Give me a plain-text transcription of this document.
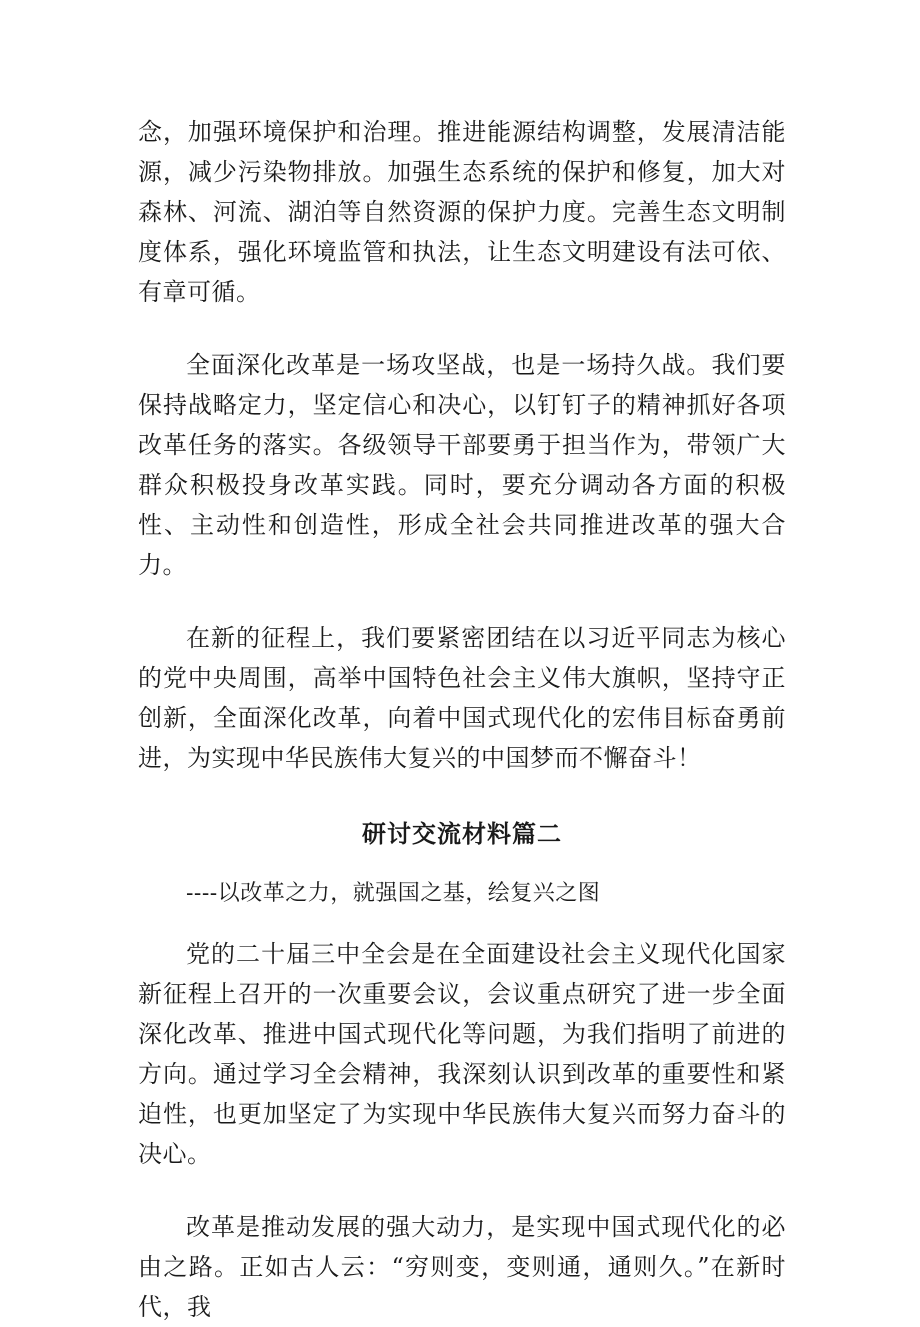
念，加强环境保护和治理。推进能源结构调整，发展清洁能源，减少污染物排放。加强生态系统的保护和修复，加大对森林、河流、湖泊等自然资源的保护力度。完善生态文明制度体系，强化环境监管和执法，让生态文明建设有法可依、有章可循。

全面深化改革是一场攻坚战，也是一场持久战。我们要保持战略定力，坚定信心和决心，以钉钉子的精神抓好各项改革任务的落实。各级领导干部要勇于担当作为，带领广大群众积极投身改革实践。同时，要充分调动各方面的积极性、主动性和创造性，形成全社会共同推进改革的强大合力。

在新的征程上，我们要紧密团结在以习近平同志为核心的党中央周围，高举中国特色社会主义伟大旗帜，坚持守正创新，全面深化改革，向着中国式现代化的宏伟目标奋勇前进，为实现中华民族伟大复兴的中国梦而不懈奋斗！

研讨交流材料篇二

----以改革之力，就强国之基，绘复兴之图

党的二十届三中全会是在全面建设社会主义现代化国家新征程上召开的一次重要会议，会议重点研究了进一步全面深化改革、推进中国式现代化等问题，为我们指明了前进的方向。通过学习全会精神，我深刻认识到改革的重要性和紧迫性，也更加坚定了为实现中华民族伟大复兴而努力奋斗的决心。

改革是推动发展的强大动力，是实现中国式现代化的必由之路。正如古人云：“穷则变，变则通，通则久。”在新时代，我
